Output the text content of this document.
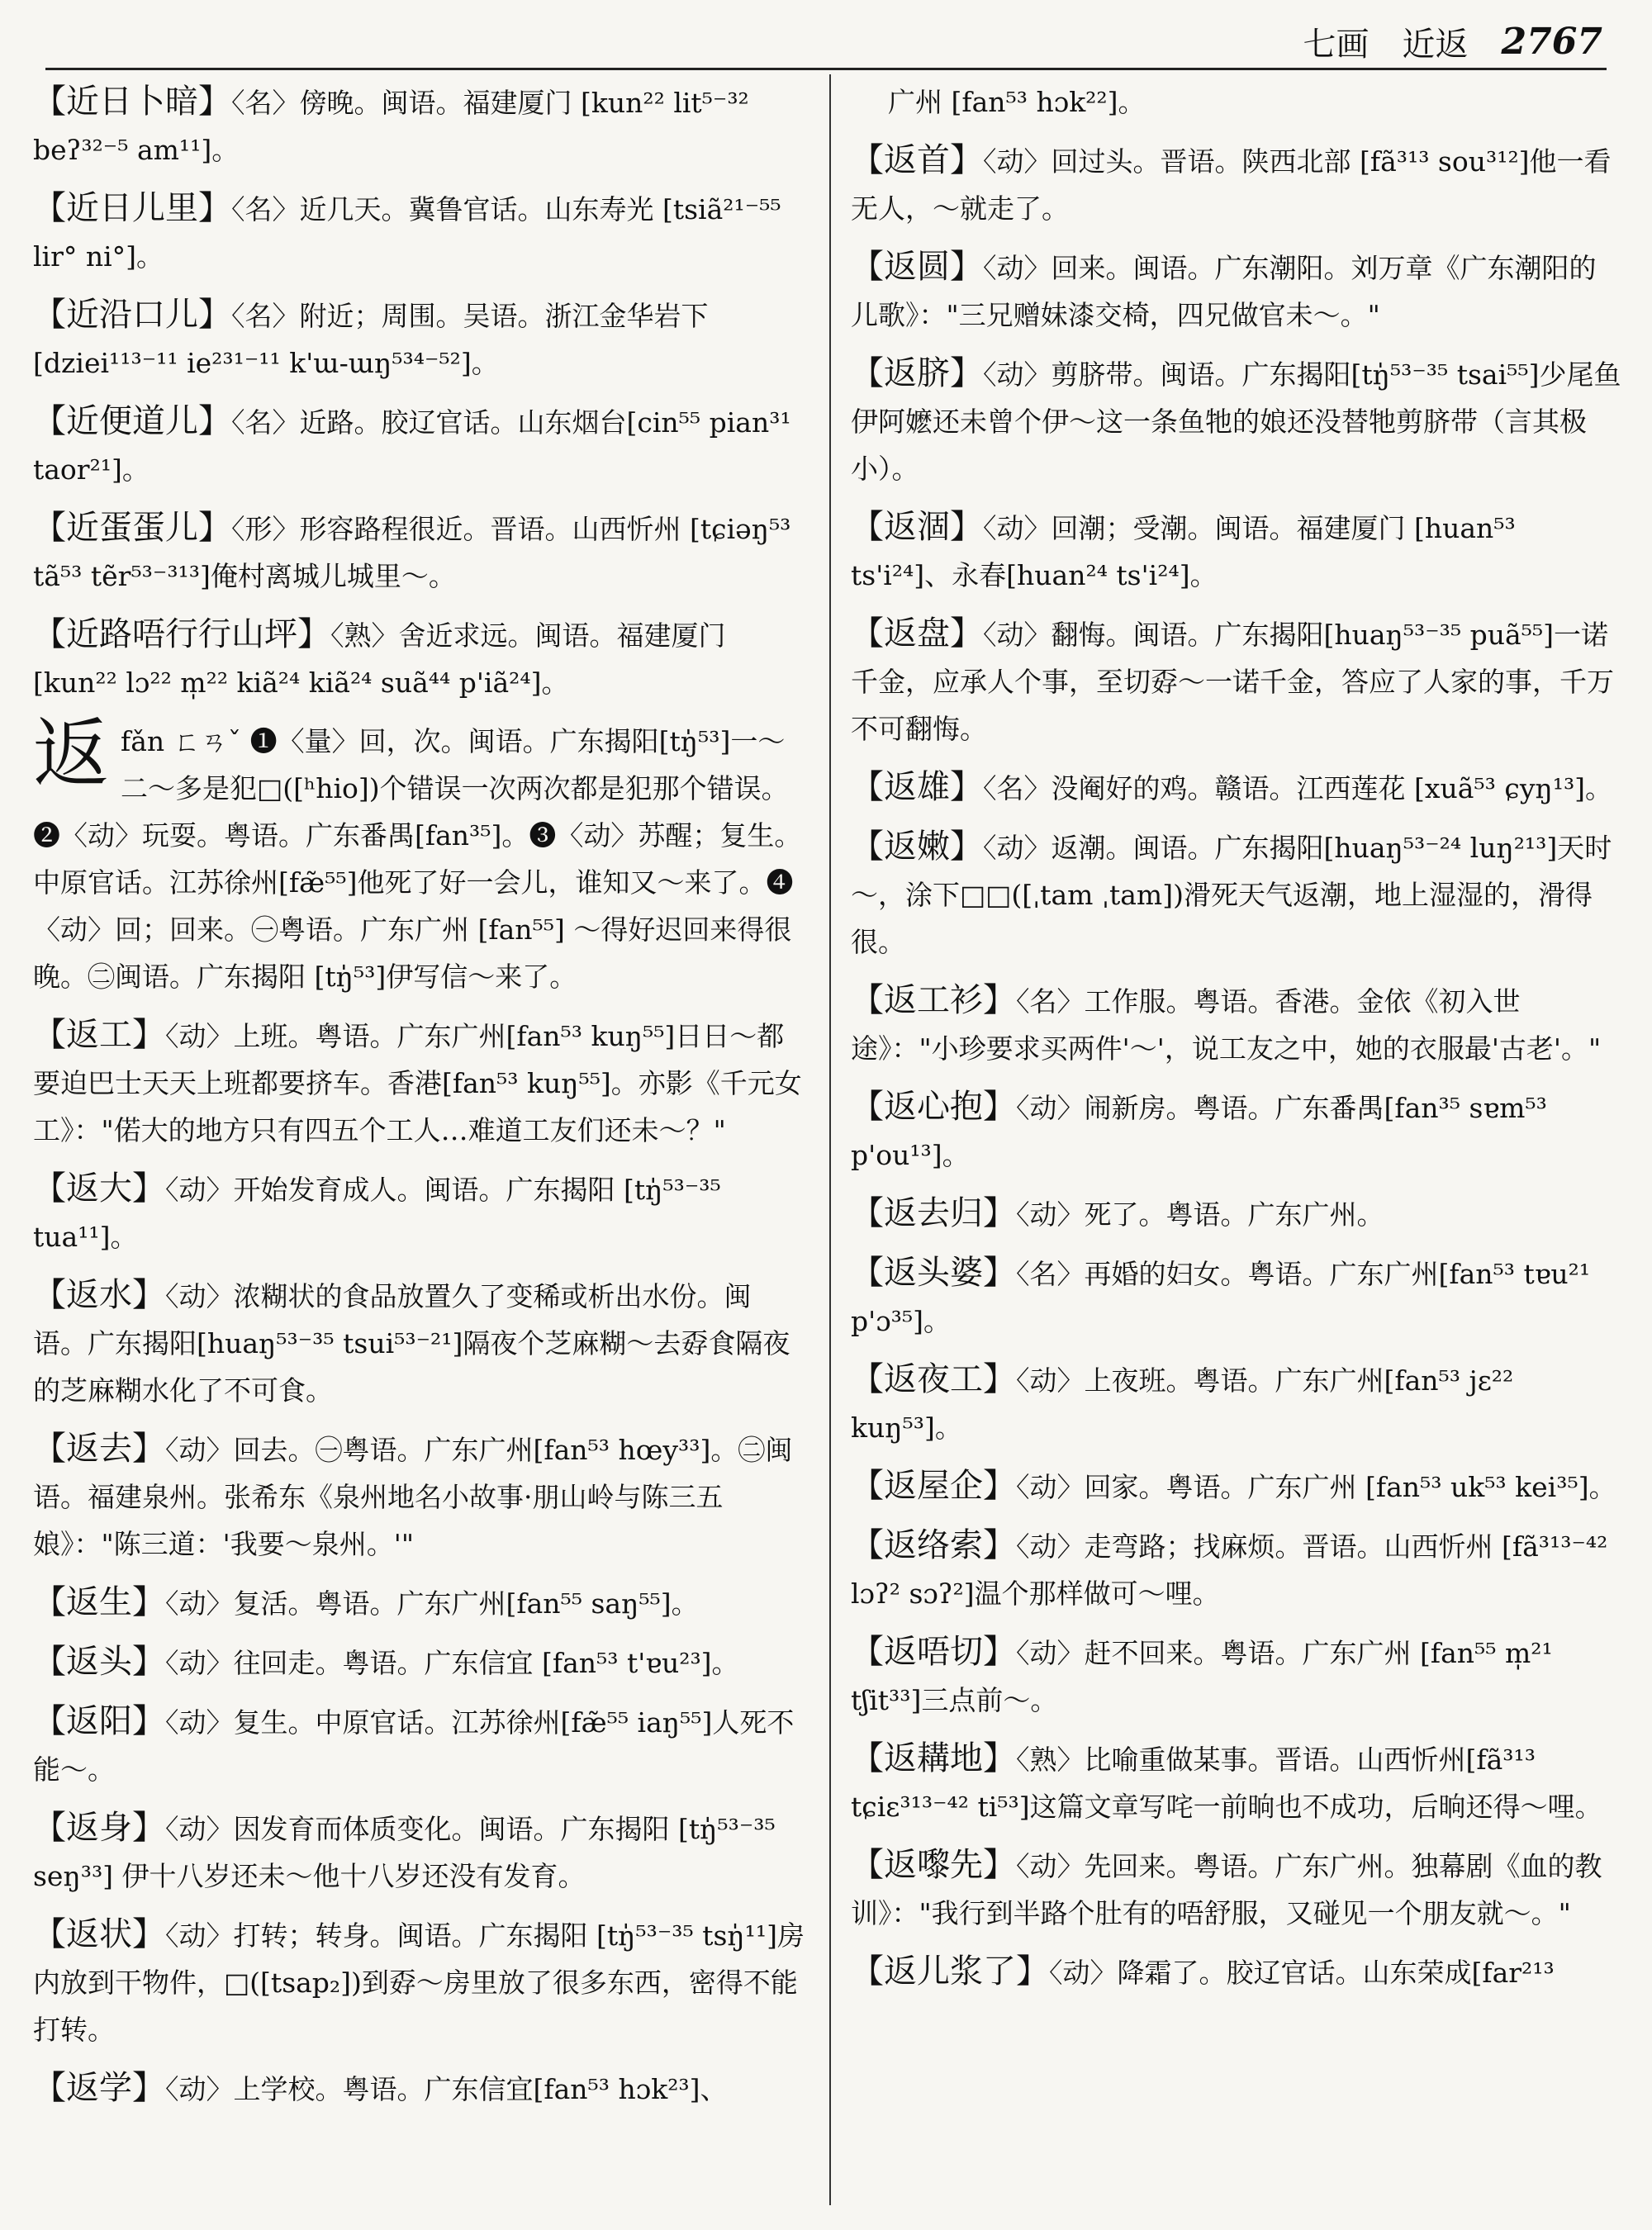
七画　近返 2767
【 近日卜暗 】 〈名〉傍晚。闽语。福建厦门 [kun²² lit⁵⁻³² beʔ³²⁻⁵ am¹¹]。
【 近日儿里 】 〈名〉近几天。冀鲁官话。山东寿光 [tsiã²¹⁻⁵⁵ lir° ni°]。
【 近沿口儿 】 〈名〉附近；周围。吴语。浙江金华岩下 [dziei¹¹³⁻¹¹ ie²³¹⁻¹¹ k'ɯ-ɯŋ⁵³⁴⁻⁵²]。
【 近便道儿 】 〈名〉近路。胶辽官话。山东烟台[cin⁵⁵ pian³¹ taor²¹]。
【 近蛋蛋儿 】 〈形〉形容路程很近。晋语。山西忻州 [tɕiəŋ⁵³ tã⁵³ tẽr⁵³⁻³¹³]俺村离城儿城里～。
【 近路唔行行山坪 】 〈熟〉舍近求远。闽语。福建厦门[kun²² lɔ²² m̩²² kiã²⁴ kiã²⁴ suã⁴⁴ p'iã²⁴]。
返fǎn ㄈㄢˇ ❶〈量〉回，次。闽语。广东揭阳[tŋ̍⁵³]一～二～多是犯□([ʰhio])个错误一次两次都是犯那个错误。❷〈动〉玩耍。粤语。广东番禺[fan³⁵]。❸〈动〉苏醒；复生。中原官话。江苏徐州[fæ̃⁵⁵]他死了好一会儿，谁知又～来了。❹〈动〉回；回来。㊀粤语。广东广州 [fan⁵⁵] ～得好迟回来得很晚。㊁闽语。广东揭阳 [tŋ̍⁵³]伊写信～来了。
【 返工 】 〈动〉上班。粤语。广东广州[fan⁵³ kuŋ⁵⁵]日日～都要迫巴士天天上班都要挤车。香港[fan⁵³ kuŋ⁵⁵]。亦影《千元女工》："偌大的地方只有四五个工人…难道工友们还未～？"
【 返大 】 〈动〉开始发育成人。闽语。广东揭阳 [tŋ̍⁵³⁻³⁵ tua¹¹]。
【 返水 】 〈动〉浓糊状的食品放置久了变稀或析出水份。闽语。广东揭阳[huaŋ⁵³⁻³⁵ tsui⁵³⁻²¹]隔夜个芝麻糊～去孬食隔夜的芝麻糊水化了不可食。
【 返去 】 〈动〉回去。㊀粤语。广东广州[fan⁵³ hœy³³]。㊁闽语。福建泉州。张希东《泉州地名小故事·朋山岭与陈三五娘》："陈三道：'我要～泉州。'"
【 返生 】 〈动〉复活。粤语。广东广州[fan⁵⁵ saŋ⁵⁵]。
【 返头 】 〈动〉往回走。粤语。广东信宜 [fan⁵³ t'ɐu²³]。
【 返阳 】 〈动〉复生。中原官话。江苏徐州[fæ̃⁵⁵ iaŋ⁵⁵]人死不能～。
【 返身 】 〈动〉因发育而体质变化。闽语。广东揭阳 [tŋ̍⁵³⁻³⁵ seŋ³³] 伊十八岁还未～他十八岁还没有发育。
【 返状 】 〈动〉打转；转身。闽语。广东揭阳 [tŋ̍⁵³⁻³⁵ tsŋ̍¹¹]房内放到干物件，□([tsap₂])到孬～房里放了很多东西，密得不能打转。
【 返学 】 〈动〉上学校。粤语。广东信宜[fan⁵³ hɔk²³]、
广州 [fan⁵³ hɔk²²]。
【 返首 】 〈动〉回过头。晋语。陕西北部 [fã³¹³ sou³¹²]他一看无人，～就走了。
【 返圆 】 〈动〉回来。闽语。广东潮阳。刘万章《广东潮阳的儿歌》："三兄赠妹漆交椅，四兄做官未～。"
【 返脐 】 〈动〉剪脐带。闽语。广东揭阳[tŋ̍⁵³⁻³⁵ tsai⁵⁵]少尾鱼伊阿嬷还未曾个伊～这一条鱼牠的娘还没替牠剪脐带（言其极小）。
【 返涸 】 〈动〉回潮；受潮。闽语。福建厦门 [huan⁵³ ts'i²⁴]、永春[huan²⁴ ts'i²⁴]。
【 返盘 】 〈动〉翻悔。闽语。广东揭阳[huaŋ⁵³⁻³⁵ puã⁵⁵]一诺千金，应承人个事，至切孬～一诺千金，答应了人家的事，千万不可翻悔。
【 返雄 】 〈名〉没阉好的鸡。赣语。江西莲花 [xuã⁵³ ɕyŋ¹³]。
【 返嫩 】 〈动〉返潮。闽语。广东揭阳[huaŋ⁵³⁻²⁴ luŋ²¹³]天时～，涂下□□([ˌtam ˌtam])滑死天气返潮，地上湿湿的，滑得很。
【 返工衫 】 〈名〉工作服。粤语。香港。金依《初入世途》："小珍要求买两件'～'，说工友之中，她的衣服最'古老'。"
【 返心抱 】 〈动〉闹新房。粤语。广东番禺[fan³⁵ sɐm⁵³ p'ou¹³]。
【 返去归 】 〈动〉死了。粤语。广东广州。
【 返头婆 】 〈名〉再婚的妇女。粤语。广东广州[fan⁵³ tɐu²¹ p'ɔ³⁵]。
【 返夜工 】 〈动〉上夜班。粤语。广东广州[fan⁵³ jɛ²² kuŋ⁵³]。
【 返屋企 】 〈动〉回家。粤语。广东广州 [fan⁵³ uk⁵³ kei³⁵]。
【 返络索 】 〈动〉走弯路；找麻烦。晋语。山西忻州 [fã³¹³⁻⁴² lɔʔ² sɔʔ²]温个那样做可～哩。
【 返唔切 】 〈动〉赶不回来。粤语。广东广州 [fan⁵⁵ m̩²¹ tʃit³³]三点前～。
【 返耩地 】 〈熟〉比喻重做某事。晋语。山西忻州[fã³¹³ tɕiɛ³¹³⁻⁴² ti⁵³]这篇文章写咤一前晌也不成功，后晌还得～哩。
【 返嚟先 】 〈动〉先回来。粤语。广东广州。独幕剧《血的教训》："我行到半路个肚有的唔舒服，又碰见一个朋友就～。"
【 返儿浆了 】 〈动〉降霜了。胶辽官话。山东荣成[far²¹³
